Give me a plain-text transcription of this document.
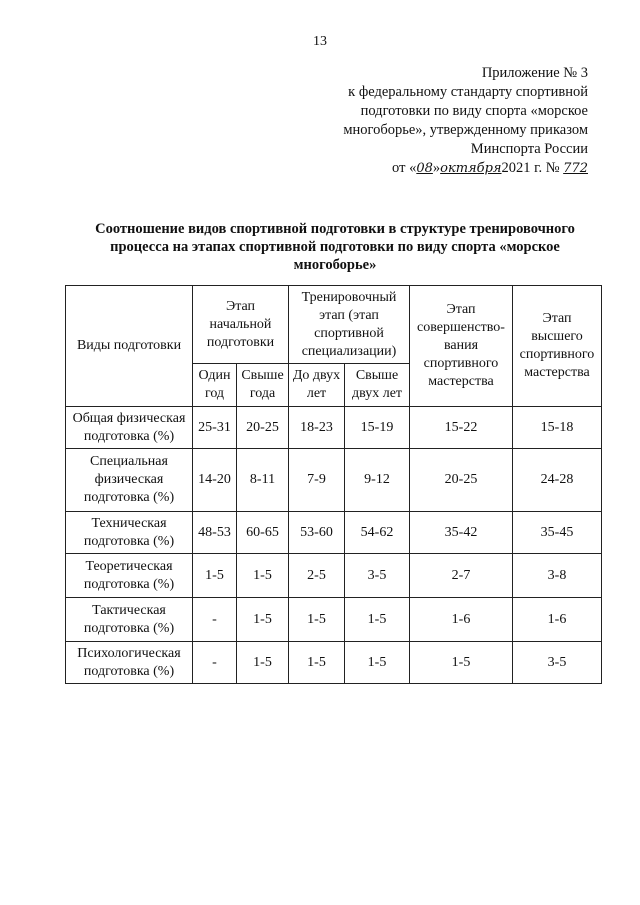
13
Приложение № 3
к федеральному стандарту спортивной
подготовки по виду спорта «морское
многоборье», утвержденному приказом
Минспорта России
от «08»октября2021 г. № 772
Соотношение видов спортивной подготовки в структуре тренировочного процесса на этапах спортивной подготовки по виду спорта «морское многоборье»
Виды подготовки	Этап начальной подготовки		Тренировочный этап (этап спортивной специализации)		Этап совершенство-вания спортивного мастерства	Этап высшего спортивного мастерства
	Один год	Свыше года	До двух лет	Свыше двух лет		
Общая физическая подготовка (%)	25-31	20-25	18-23	15-19	15-22	15-18
Специальная физическая подготовка (%)	14-20	8-11	7-9	9-12	20-25	24-28
Техническая подготовка (%)	48-53	60-65	53-60	54-62	35-42	35-45
Теоретическая подготовка (%)	1-5	1-5	2-5	3-5	2-7	3-8
Тактическая подготовка (%)	-	1-5	1-5	1-5	1-6	1-6
Психологическая подготовка (%)	-	1-5	1-5	1-5	1-5	3-5
